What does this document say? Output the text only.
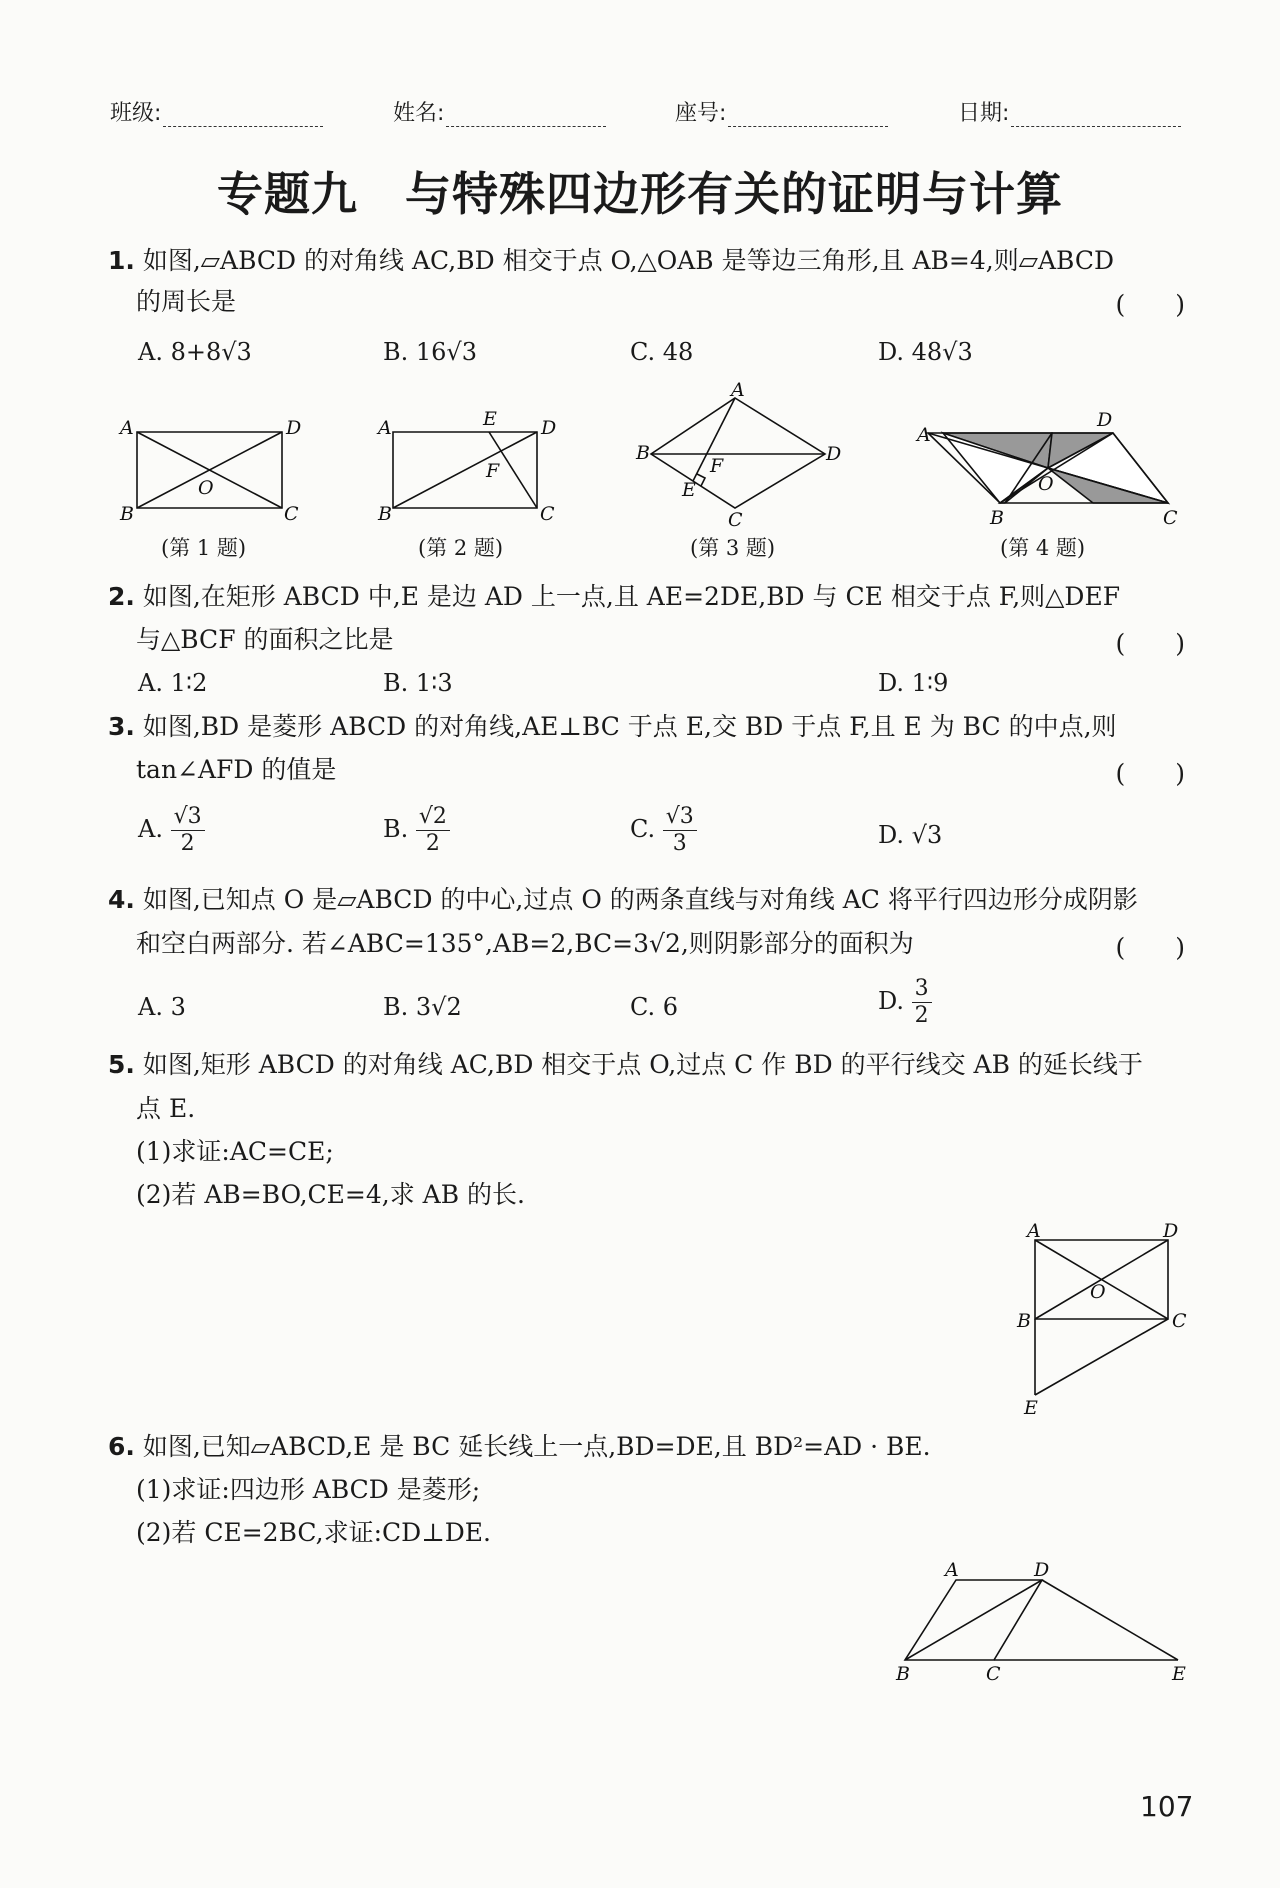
班级:	姓名:	座号:	日期:
专题九　与特殊四边形有关的证明与计算
1. 如图,▱ABCD 的对角线 AC,BD 相交于点 O,△OAB 是等边三角形,且 AB=4,则▱ABCD
的周长是	(　　)
A. 8+8√3	B. 16√3	C. 48	D. 48√3
A
B	C
D
O
A
B	C
D
E
F
A
B
C
D
E
F
A
B	C
D
O
(第 1 题)	(第 2 题)	(第 3 题)	(第 4 题)
2. 如图,在矩形 ABCD 中,E 是边 AD 上一点,且 AE=2DE,BD 与 CE 相交于点 F,则△DEF
与△BCF 的面积之比是	(　　)
A. 1∶2	B. 1∶3	D. 1∶9
3. 如图,BD 是菱形 ABCD 的对角线,AE⊥BC 于点 E,交 BD 于点 F,且 E 为 BC 的中点,则
tan∠AFD 的值是	(　　)
A. $\frac{√3}{2}$	B. $\frac{√2}{2}$	C. $\frac{√3}{3}$	D. √3
4. 如图,已知点 O 是▱ABCD 的中心,过点 O 的两条直线与对角线 AC 将平行四边形分成阴影
和空白两部分. 若∠ABC=135°,AB=2,BC=3√2,则阴影部分的面积为	(　　)
A. 3	B. 3√2	C. 6	D. $\frac{3}{2}$
5. 如图,矩形 ABCD 的对角线 AC,BD 相交于点 O,过点 C 作 BD 的平行线交 AB 的延长线于
点 E.
(1)求证:AC=CE;
(2)若 AB=BO,CE=4,求 AB 的长.
A
B	C
D
E
O
6. 如图,已知▱ABCD,E 是 BC 延长线上一点,BD=DE,且 BD²=AD · BE.
(1)求证:四边形 ABCD 是菱形;
(2)若 CE=2BC,求证:CD⊥DE.
A
B	C
D
E
107
